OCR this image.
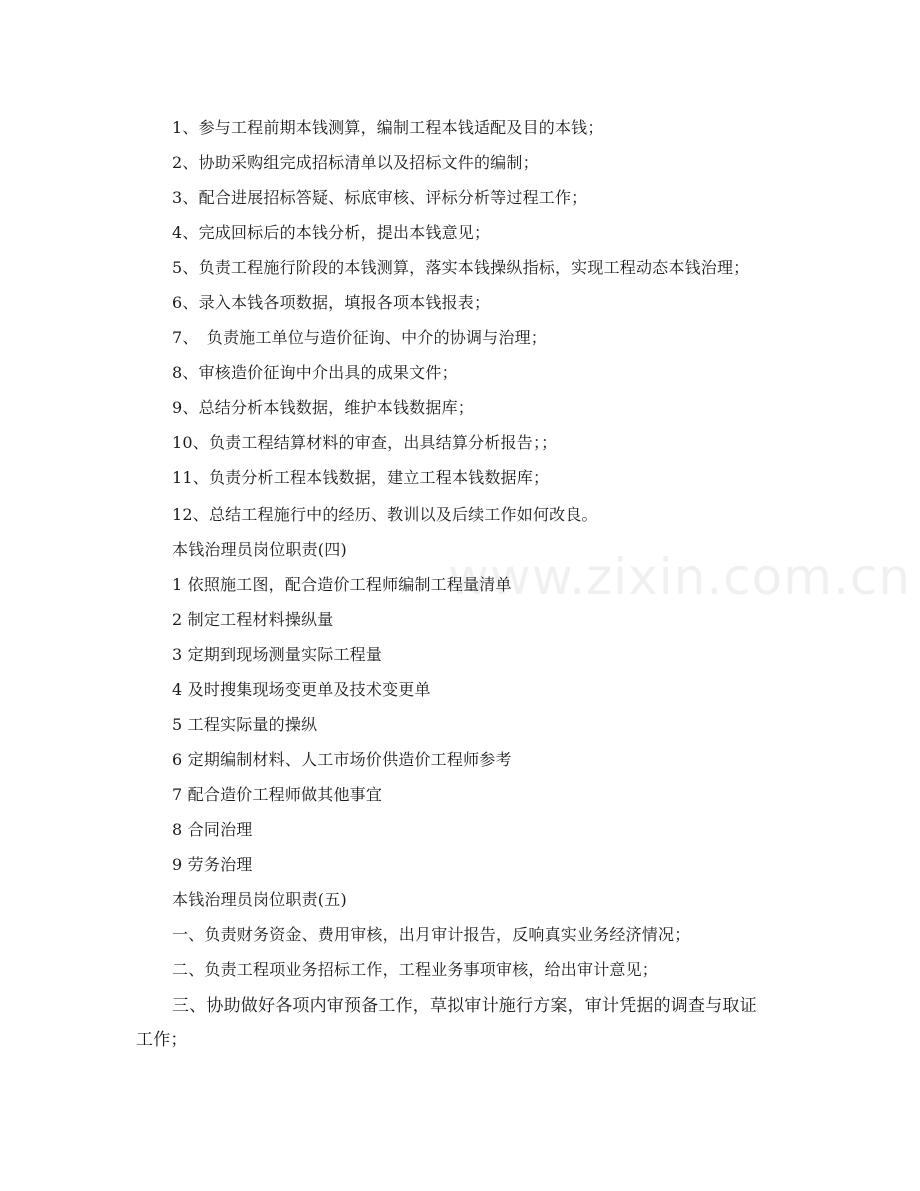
www.zixin.com.cn
1、参与工程前期本钱测算，编制工程本钱适配及目的本钱；
2、协助采购组完成招标清单以及招标文件的编制；
3、配合进展招标答疑、标底审核、评标分析等过程工作；
4、完成回标后的本钱分析，提出本钱意见；
5、负责工程施行阶段的本钱测算，落实本钱操纵指标，实现工程动态本钱治理；
6、录入本钱各项数据，填报各项本钱报表；
7、　负责施工单位与造价征询、中介的协调与治理；
8、审核造价征询中介出具的成果文件；
9、总结分析本钱数据，维护本钱数据库；
10、负责工程结算材料的审查，出具结算分析报告；；
11、负责分析工程本钱数据，建立工程本钱数据库；
12、总结工程施行中的经历、教训以及后续工作如何改良。
本钱治理员岗位职责(四)
1 依照施工图，配合造价工程师编制工程量清单
2 制定工程材料操纵量
3 定期到现场测量实际工程量
4 及时搜集现场变更单及技术变更单
5 工程实际量的操纵
6 定期编制材料、人工市场价供造价工程师参考
7 配合造价工程师做其他事宜
8 合同治理
9 劳务治理
本钱治理员岗位职责(五)
一、负责财务资金、费用审核，出月审计报告，反响真实业务经济情况；
二、负责工程项业务招标工作，工程业务事项审核，给出审计意见；
三、协助做好各项内审预备工作，草拟审计施行方案，审计凭据的调查与取证
工作；
